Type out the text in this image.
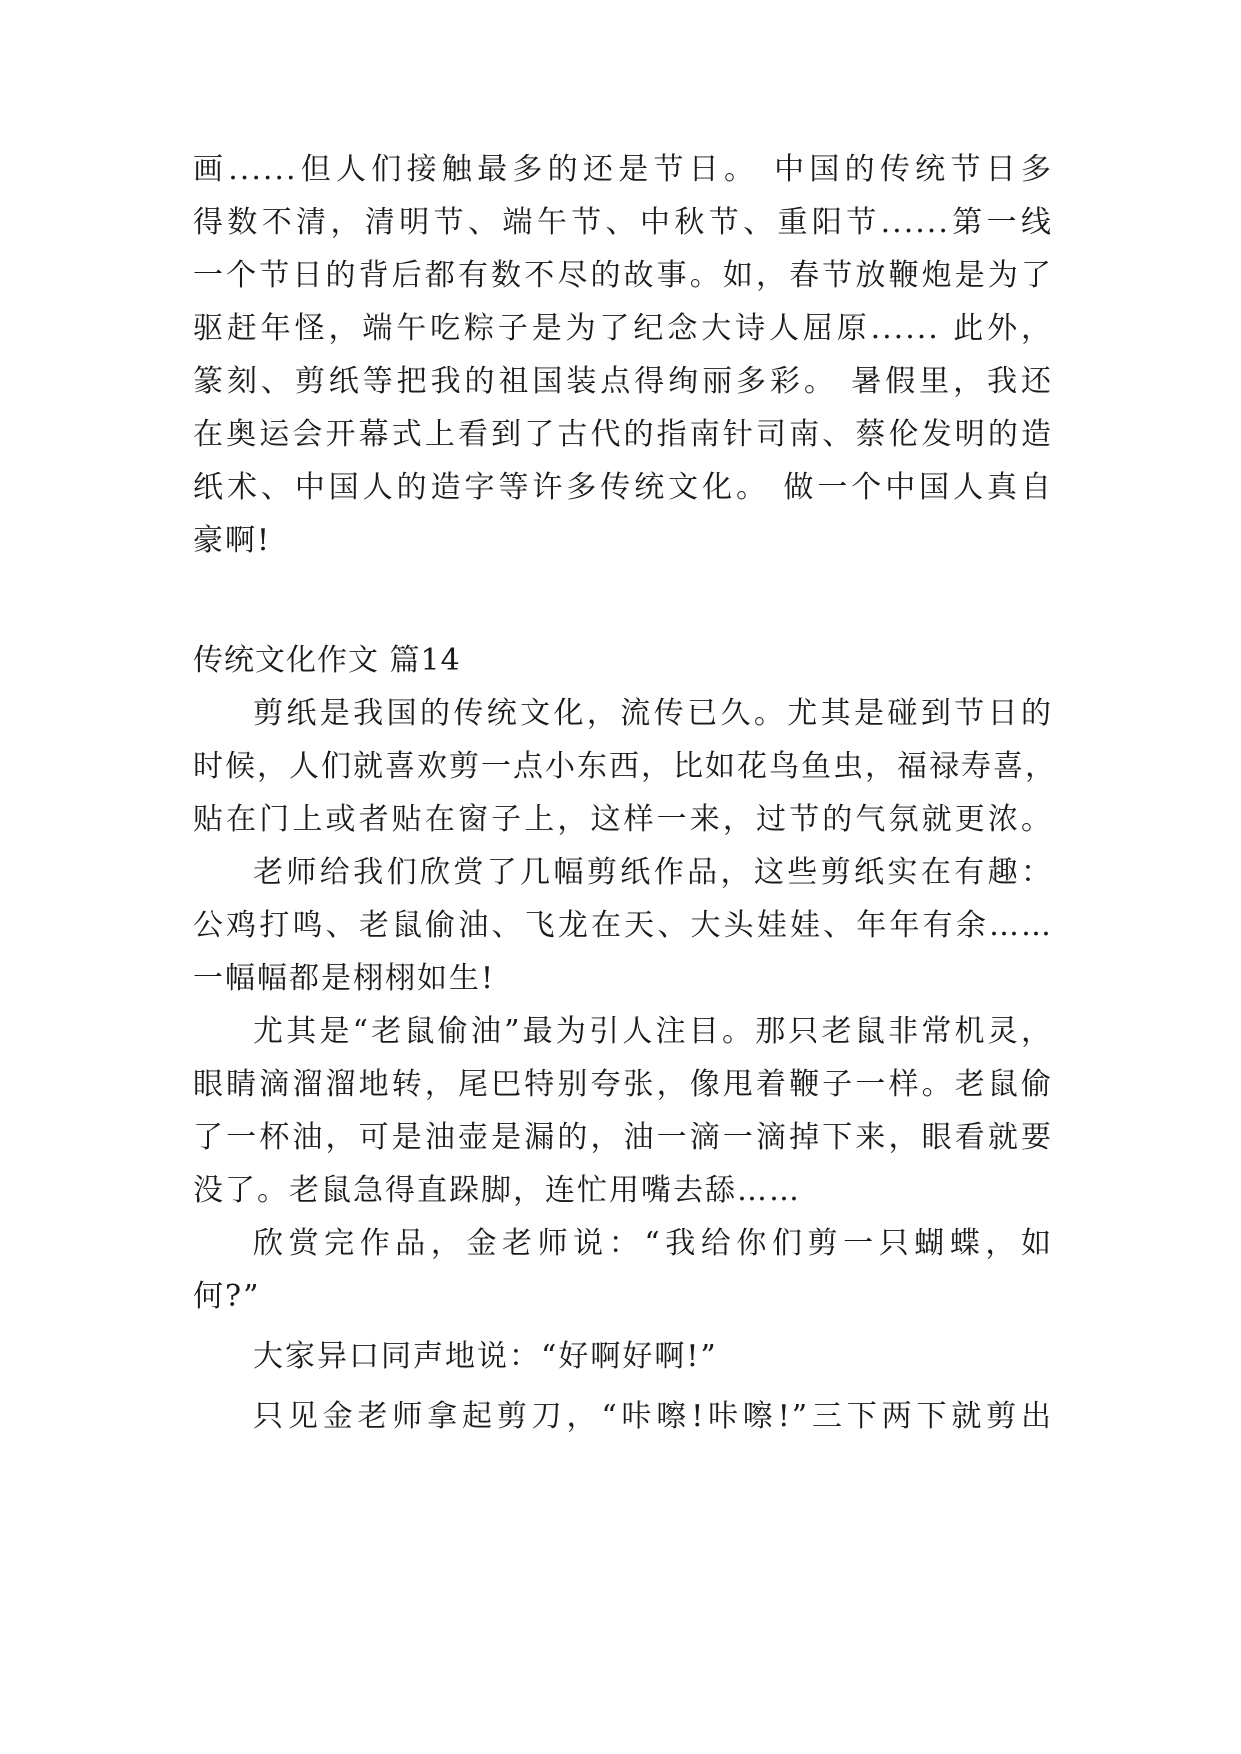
画......但人们接触最多的还是节日。 中国的传统节日多
得数不清，清明节、端午节、中秋节、重阳节......第一线
一个节日的背后都有数不尽的故事。如，春节放鞭炮是为了
驱赶年怪，端午吃粽子是为了纪念大诗人屈原...... 此外，
篆刻、剪纸等把我的祖国装点得绚丽多彩。 暑假里，我还
在奥运会开幕式上看到了古代的指南针司南、蔡伦发明的造
纸术、中国人的造字等许多传统文化。 做一个中国人真自
豪啊!
传统文化作文 篇14
剪纸是我国的传统文化，流传已久。尤其是碰到节日的
时候，人们就喜欢剪一点小东西，比如花鸟鱼虫，福禄寿喜，
贴在门上或者贴在窗子上，这样一来，过节的气氛就更浓。
老师给我们欣赏了几幅剪纸作品，这些剪纸实在有趣：
公鸡打鸣、老鼠偷油、飞龙在天、大头娃娃、年年有余……
一幅幅都是栩栩如生!
尤其是“老鼠偷油”最为引人注目。那只老鼠非常机灵，
眼睛滴溜溜地转，尾巴特别夸张，像甩着鞭子一样。老鼠偷
了一杯油，可是油壶是漏的，油一滴一滴掉下来，眼看就要
没了。老鼠急得直跺脚，连忙用嘴去舔……
欣赏完作品，金老师说：“我给你们剪一只蝴蝶，如
何?”
大家异口同声地说：“好啊好啊!”
只见金老师拿起剪刀，“咔嚓!咔嚓!”三下两下就剪出
